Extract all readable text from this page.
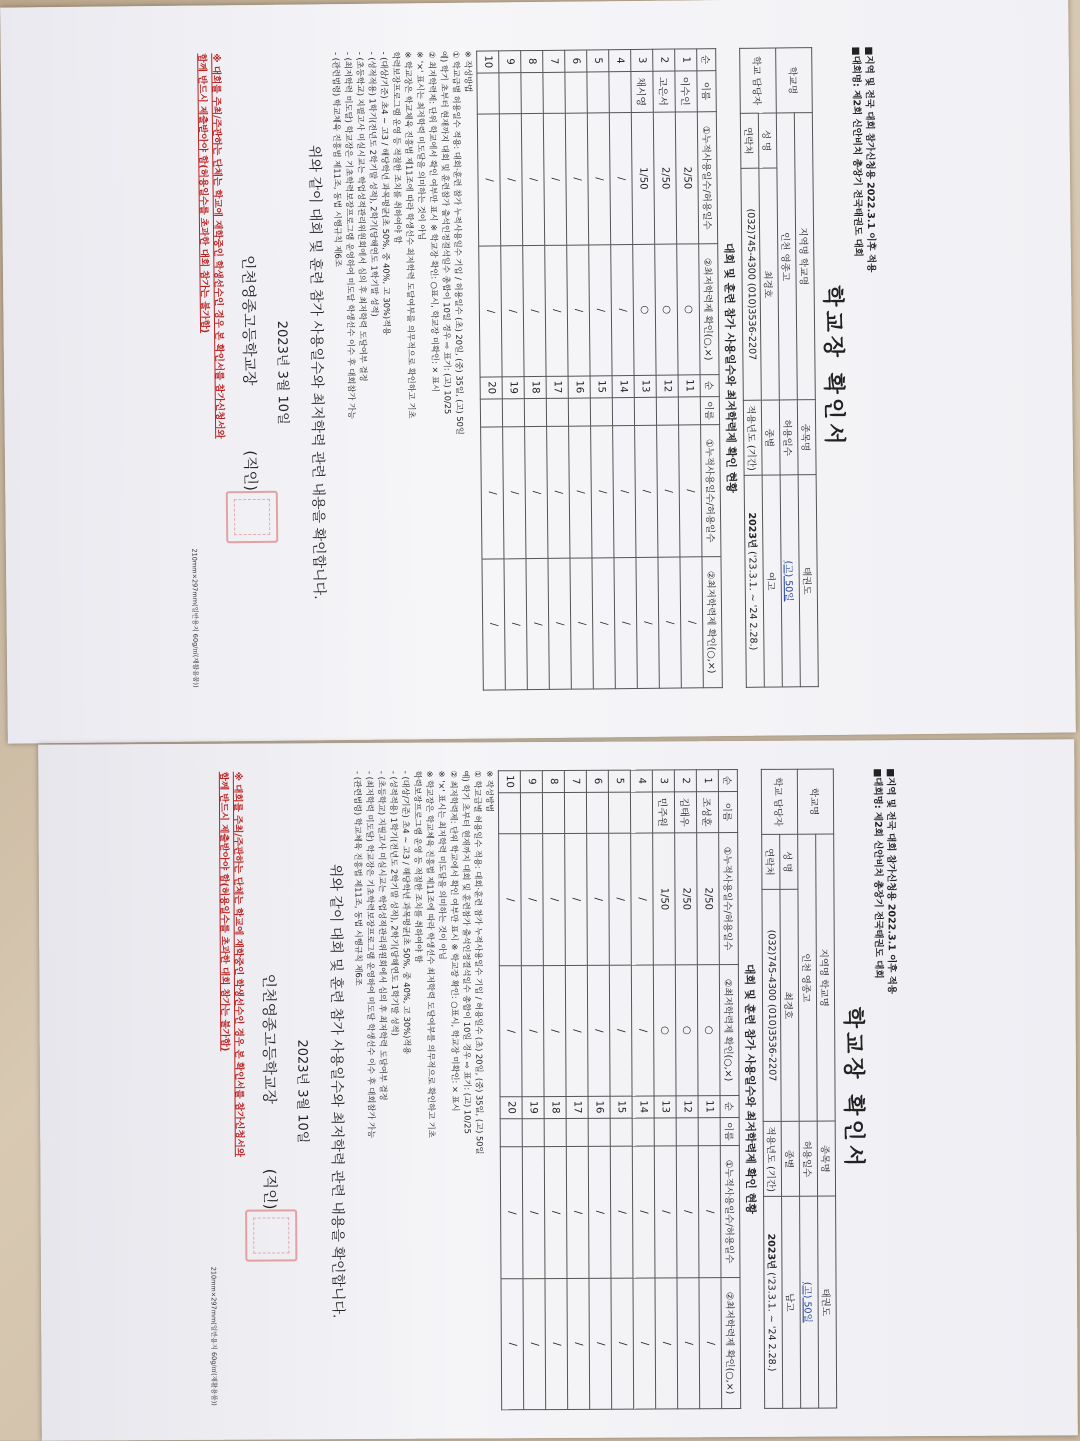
■지역 및 전국 대회 참가신청용 2022.3.1 이후 적용
■대회명: 제2회 신안비치 총장기 전국태권도 대회
학교장 확인서
학교명	지역명 학교명		종목명	태권도
	인천 영종고		허용일수	(고) 50일
학교 담당자	성 명	최경호	종별	여고
	연락처	(032)745-4300 (010)3536-2207	적용년도 (기간)	2023년 ('23.3.1. ~ '24 2.28.)
대회 및 훈련 참가 사용일수와 최저학력제 확인 현황
순	이름	①누적사용일수/허용일수	②최저학력제 확인(○,×)	순	이름	①누적사용일수/허용일수	②최저학력제 확인(○,×)
1	이수인	2/50	○	11		/	/
2	고은서	2/50	○	12		/	/
3	채시영	1/50	○	13		/	/
4		/	/	14		/	/
5		/	/	15		/	/
6		/	/	16		/	/
7		/	/	17		/	/
8		/	/	18		/	/
9		/	/	19		/	/
10		/	/	20		/	/
※ 작성방법
① 학교급별 허용일수 적용: 대회·훈련 참가 누적사용일수 기입 / 허용일수 (초) 20일, (중) 35일, (고) 50일
예) 학기 초부터 현재까지 대회 및 훈련참가 출석인정결석일수 총합이 10일 경우 ⇨ 표기: (고) 10/25
② 최저학력제: 단위 학교에서 확인 여부만 표시 ※ 학교장 확인: ○표시, 학교장 미확인: × 표시
※ '×' 표시는 최저학력 미도달을 의미하는 것이 아님
※ 학교장은 학교체육 진흥법 제11조에 따라 학생선수 최저학력 도달여부를 의무적으로 확인하고 기초
학력보장프로그램 운영 등 적절한 조치를 취하여야 함
- (대상/기준) 초4 ~ 고3 / 해당학년 과목평균(초 50%, 중 40%, 고 30%)적용
- (성적적용) 1학기(전년도 2학기말 성적), 2학기(당해연도 1학기말 성적)
- (초등학교) 지필고사 미실시교는 학업성적관리위원회에서 심의 후 최저학력 도달여부 결정
- (최저학력 미도달) 학교장은 기초학력보장프로그램 운영하여 미도달 학생선수 이수 후 대회참가 가능
- (관련법령) 학교체육 진흥법 제11조, 동법 시행규칙 제6조
위와 같이 대회 및 훈련 참가 사용일수와 최저학력 관련 내용을 확인합니다.
2023년 3월 10일
인천영종고등학교장 (직인)
※ 대회를 주최/주관하는 단체는 학교에 재학중인 학생선수인 경우 본 확인서를 참가신청서와
함께 반드시 제출받아야 함(허용일수를 초과한 대회 참가는 불가함)
210mm×297mm(일반용지 60g/㎡(재활용품))
■지역 및 전국 대회 참가신청용 2022.3.1 이후 적용
■대회명: 제2회 신안비치 총장기 전국태권도 대회
학교장 확인서
학교명	지역명 학교명		종목명	태권도
	인천 영종고		허용일수	(고) 50일
학교 담당자	성 명	최경호	종별	남고
	연락처	(032)745-4300 (010)3536-2207	적용년도 (기간)	2023년 ('23.3.1. ~ '24 2.28.)
대회 및 훈련 참가 사용일수와 최저학력제 확인 현황
순	이름	①누적사용일수/허용일수	②최저학력제 확인(○,×)	순	이름	①누적사용일수/허용일수	②최저학력제 확인(○,×)
1	조성훈	2/50	○	11		/	/
2	김태우	2/50	○	12		/	/
3	민주원	1/50	○	13		/	/
4		/	/	14		/	/
5		/	/	15		/	/
6		/	/	16		/	/
7		/	/	17		/	/
8		/	/	18		/	/
9		/	/	19		/	/
10		/	/	20		/	/
※ 작성방법
① 학교급별 허용일수 적용: 대회·훈련 참가 누적사용일수 기입 / 허용일수 (초) 20일, (중) 35일, (고) 50일
예) 학기 초부터 현재까지 대회 및 훈련참가 출석인정결석일수 총합이 10일 경우 ⇨ 표기: (고) 10/25
② 최저학력제: 단위 학교에서 확인 여부만 표시 ※ 학교장 확인: ○표시, 학교장 미확인: × 표시
※ '×' 표시는 최저학력 미도달을 의미하는 것이 아님
※ 학교장은 학교체육 진흥법 제11조에 따라 학생선수 최저학력 도달여부를 의무적으로 확인하고 기초
학력보장프로그램 운영 등 적절한 조치를 취하여야 함
- (대상/기준) 초4 ~ 고3 / 해당학년 과목평균(초 50%, 중 40%, 고 30%)적용
- (성적적용) 1학기(전년도 2학기말 성적), 2학기(당해연도 1학기말 성적)
- (초등학교) 지필고사 미실시교는 학업성적관리위원회에서 심의 후 최저학력 도달여부 결정
- (최저학력 미도달) 학교장은 기초학력보장프로그램 운영하여 미도달 학생선수 이수 후 대회참가 가능
- (관련법령) 학교체육 진흥법 제11조, 동법 시행규칙 제6조
위와 같이 대회 및 훈련 참가 사용일수와 최저학력 관련 내용을 확인합니다.
2023년 3월 10일
인천영종고등학교장 (직인)
※ 대회를 주최/주관하는 단체는 학교에 재학중인 학생선수인 경우 본 확인서를 참가신청서와
함께 반드시 제출받아야 함(허용일수를 초과한 대회 참가는 불가함)
210mm×297mm(일반용지 60g/㎡(재활용품))
